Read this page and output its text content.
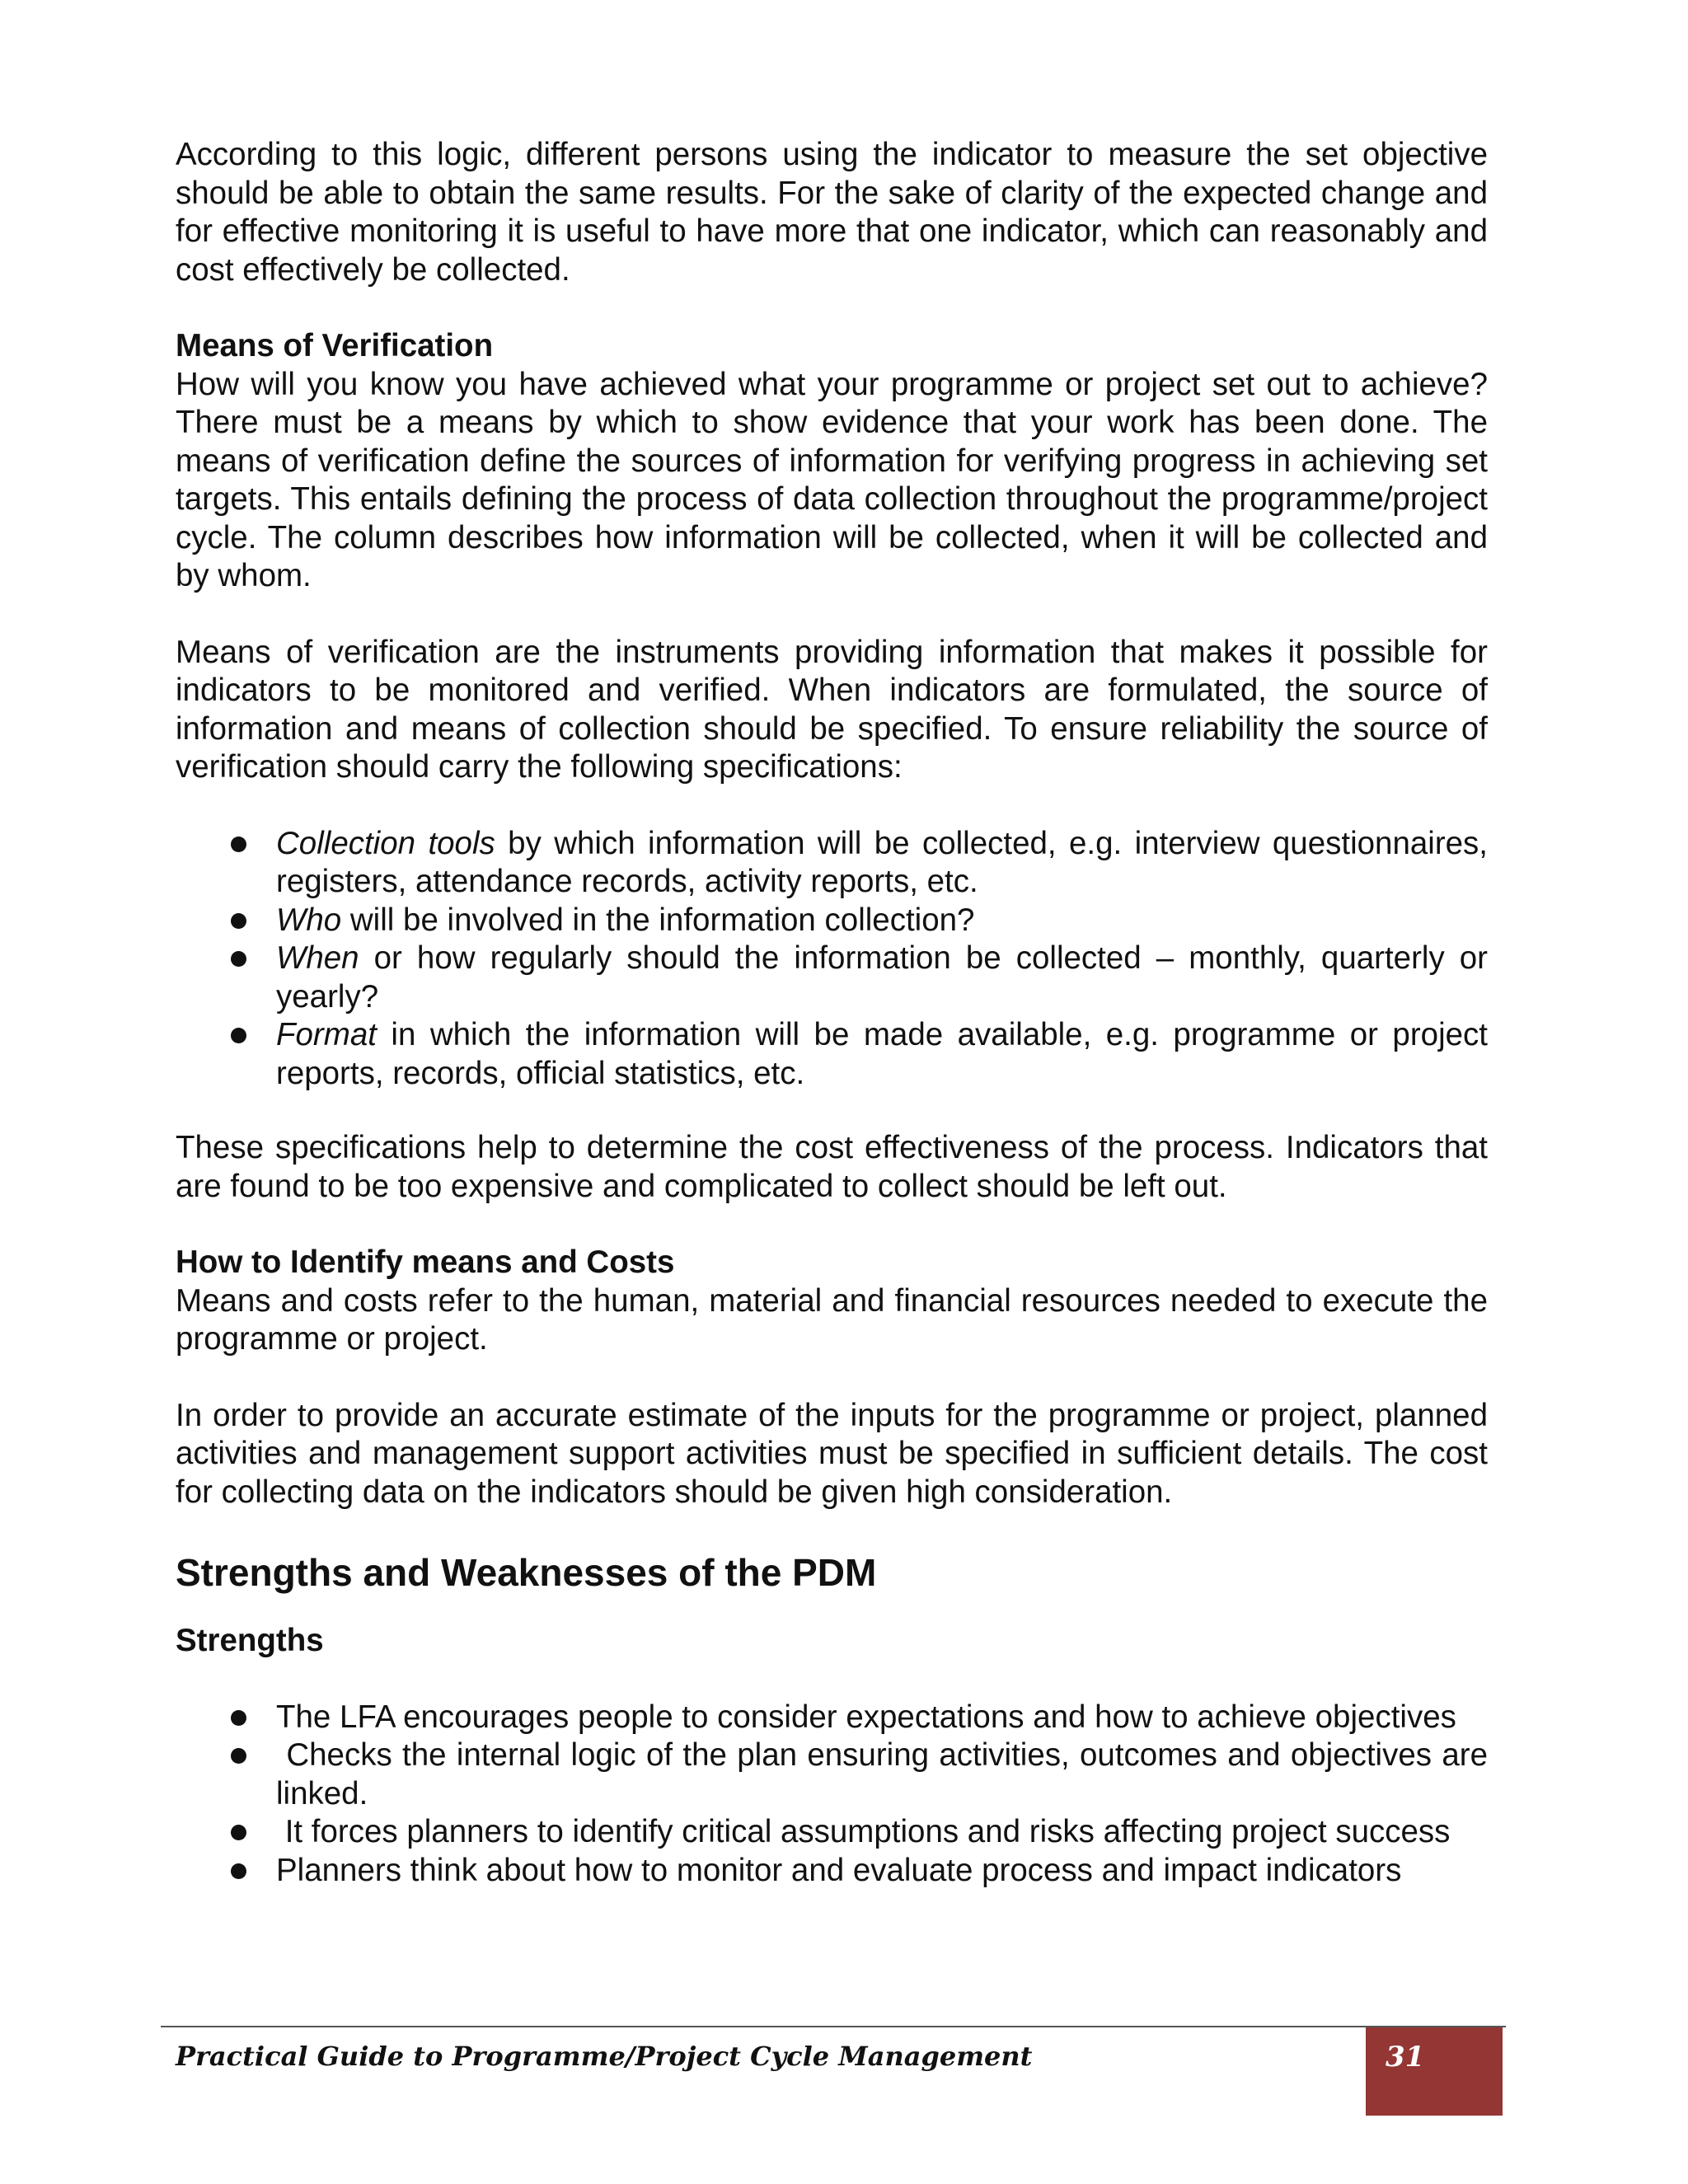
According to this logic, different persons using the indicator to measure the set objective should be able to obtain the same results. For the sake of clarity of the expected change and for effective monitoring it is useful to have more that one indicator, which can reasonably and cost effectively be collected.

Means of Verification

How will you know you have achieved what your programme or project set out to achieve? There must be a means by which to show evidence that your work has been done. The means of verification define the sources of information for verifying progress in achieving set targets. This entails defining the process of data collection throughout the programme/project cycle. The column describes how information will be collected, when it will be collected and by whom.

Means of verification are the instruments providing information that makes it possible for indicators to be monitored and verified. When indicators are formulated, the source of information and means of collection should be specified. To ensure reliability the source of verification should carry the following specifications:

Collection tools by which information will be collected, e.g. interview questionnaires, registers, attendance records, activity reports, etc.
Who will be involved in the information collection?
When or how regularly should the information be collected – monthly, quarterly or yearly?
Format in which the information will be made available, e.g. programme or project reports, records, official statistics, etc.

These specifications help to determine the cost effectiveness of the process. Indicators that are found to be too expensive and complicated to collect should be left out.

How to Identify means and Costs

Means and costs refer to the human, material and financial resources needed to execute the programme or project.

In order to provide an accurate estimate of the inputs for the programme or project, planned activities and management support activities must be specified in sufficient details. The cost for collecting data on the indicators should be given high consideration.

Strengths and Weaknesses of the PDM
Strengths
The LFA encourages people to consider expectations and how to achieve objectives
Checks the internal logic of the plan ensuring activities, outcomes and objectives are linked.
It forces planners to identify critical assumptions and risks affecting project success
Planners think about how to monitor and evaluate process and impact indicators
Practical Guide to Programme/Project Cycle Management	31
